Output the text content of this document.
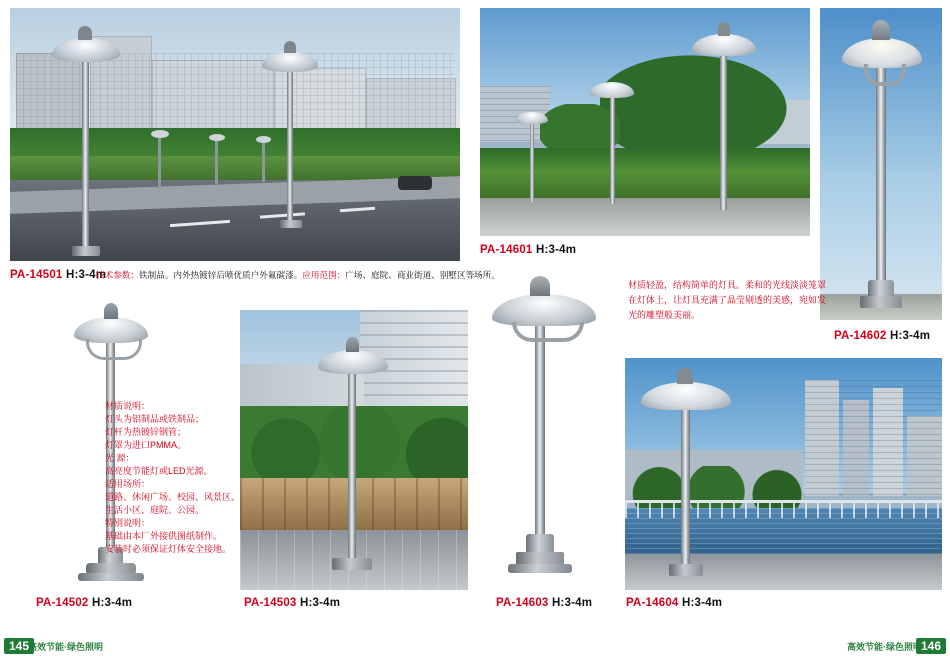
PA-14501 H:3-4m
技术参数：铁制品。内外热镀锌后喷优质户外氟碳漆。应用范围：广场、庭院、商业街道、别墅区等场所。
PA-14502 H:3-4m
材质说明：
灯头为铝制品或铁制品；
灯杆为热镀锌钢管；
灯罩为进口PMMA。
光 源：
高亮度节能灯或LED光源。
适用场所：
道路、休闲广场、校园、风景区、
生活小区、庭院、公园。
特别说明：
基础由本厂外接供图纸制作。
安装时必须保证灯体安全接地。
PA-14503 H:3-4m
PA-14601 H:3-4m
PA-14602 H:3-4m
材质轻盈，结构简单的灯具。柔和的光线淡淡笼罩
在灯体上，让灯具充满了晶莹剔透的美感，宛如发
光的雕塑般美丽。
PA-14603 H:3-4m	PA-14604 H:3-4m
145
高效节能·绿色照明	146
高效节能·绿色照明
